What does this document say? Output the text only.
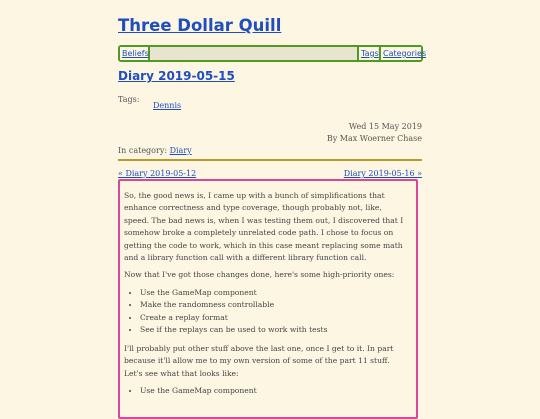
Three Dollar Quill
Beliefs	Tags Categories
Diary 2019-05-15
Tags:
Dennis
Wed 15 May 2019
By Max Woerner Chase
In category: Diary
« Diary 2019-05-12	Diary 2019-05-16 »

So, the good news is, I came up with a bunch of simplifications that enhance correctness and type coverage, though probably not, like, speed. The bad news is, when I was testing them out, I discovered that I somehow broke a completely unrelated code path. I chose to focus on getting the code to work, which in this case meant replacing some math and a library function call with a different library function call.

Now that I've got those changes done, here's some high-priority ones:

• Use the GameMap component
• Make the randomness controllable
• Create a replay format
• See if the replays can be used to work with tests

I'll probably put other stuff above the last one, once I get to it. In part because it'll allow me to my own version of some of the part 11 stuff. Let's see what that looks like:

• Use the GameMap component
